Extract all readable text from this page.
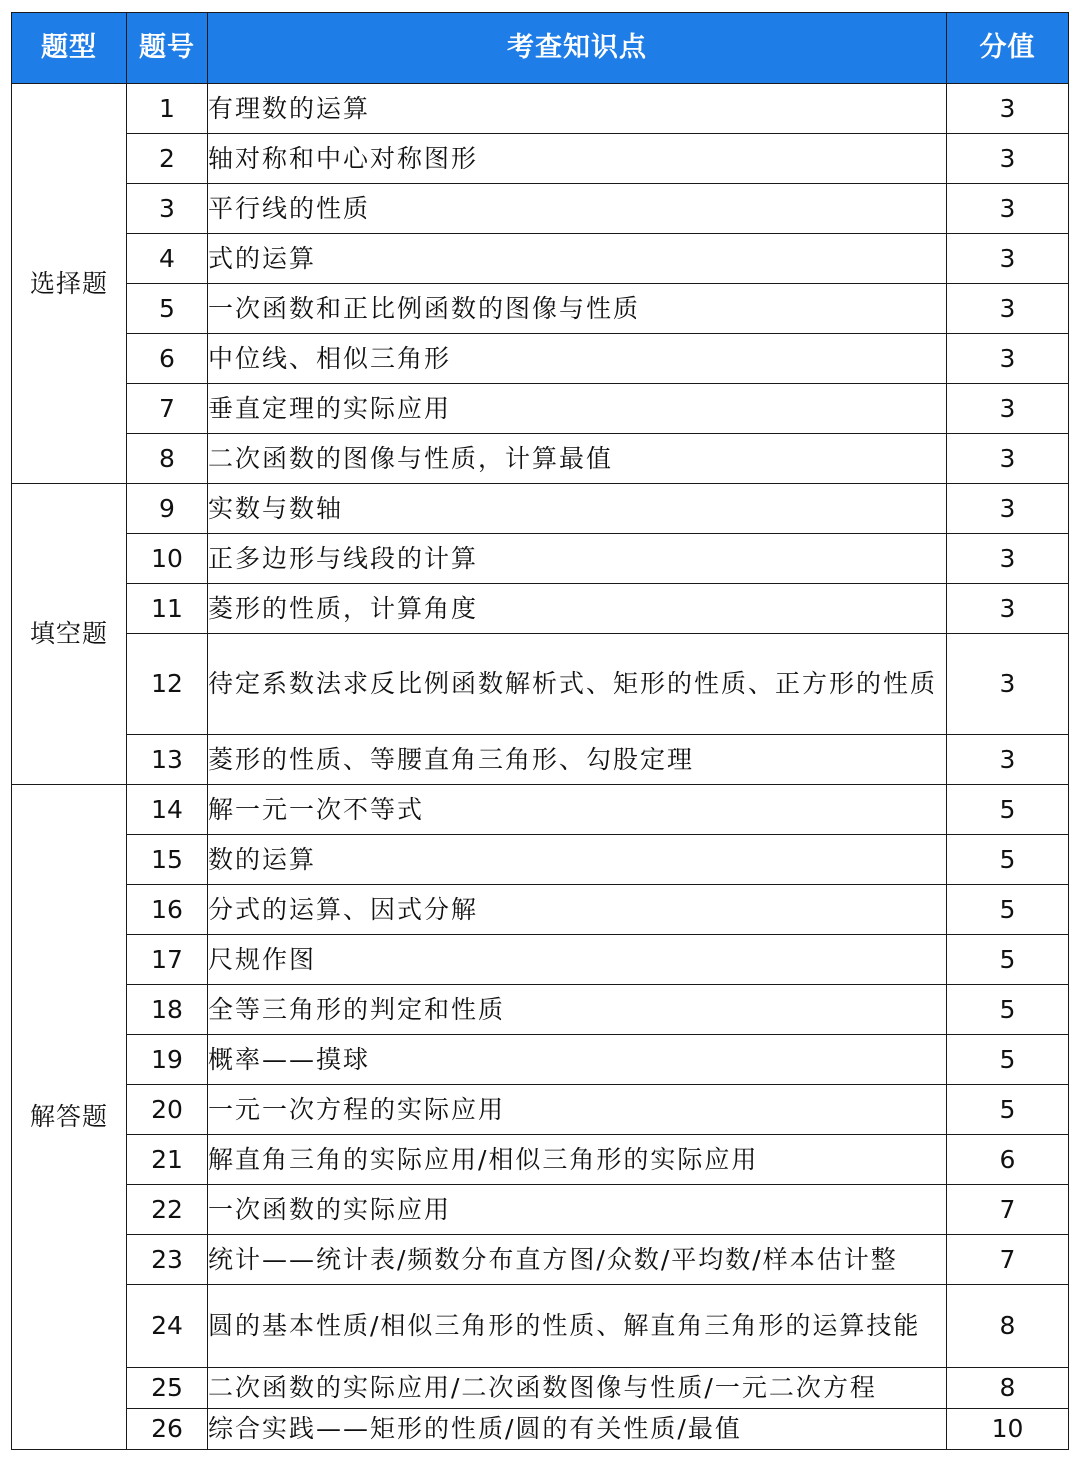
题型	题号	考查知识点	分值
选择题	1	有理数的运算	3
	2	轴对称和中心对称图形	3
	3	平行线的性质	3
	4	式的运算	3
	5	一次函数和正比例函数的图像与性质	3
	6	中位线、相似三角形	3
	7	垂直定理的实际应用	3
	8	二次函数的图像与性质，计算最值	3
填空题	9	实数与数轴	3
	10	正多边形与线段的计算	3
	11	菱形的性质，计算角度	3
	12	待定系数法求反比例函数解析式、矩形的性质、正方形的性质	3
	13	菱形的性质、等腰直角三角形、勾股定理	3
解答题	14	解一元一次不等式	5
	15	数的运算	5
	16	分式的运算、因式分解	5
	17	尺规作图	5
	18	全等三角形的判定和性质	5
	19	概率——摸球	5
	20	一元一次方程的实际应用	5
	21	解直角三角的实际应用/相似三角形的实际应用	6
	22	一次函数的实际应用	7
	23	统计——统计表/频数分布直方图/众数/平均数/样本估计整	7
	24	圆的基本性质/相似三角形的性质、解直角三角形的运算技能	8
	25	二次函数的实际应用/二次函数图像与性质/一元二次方程	8
	26	综合实践——矩形的性质/圆的有关性质/最值	10
